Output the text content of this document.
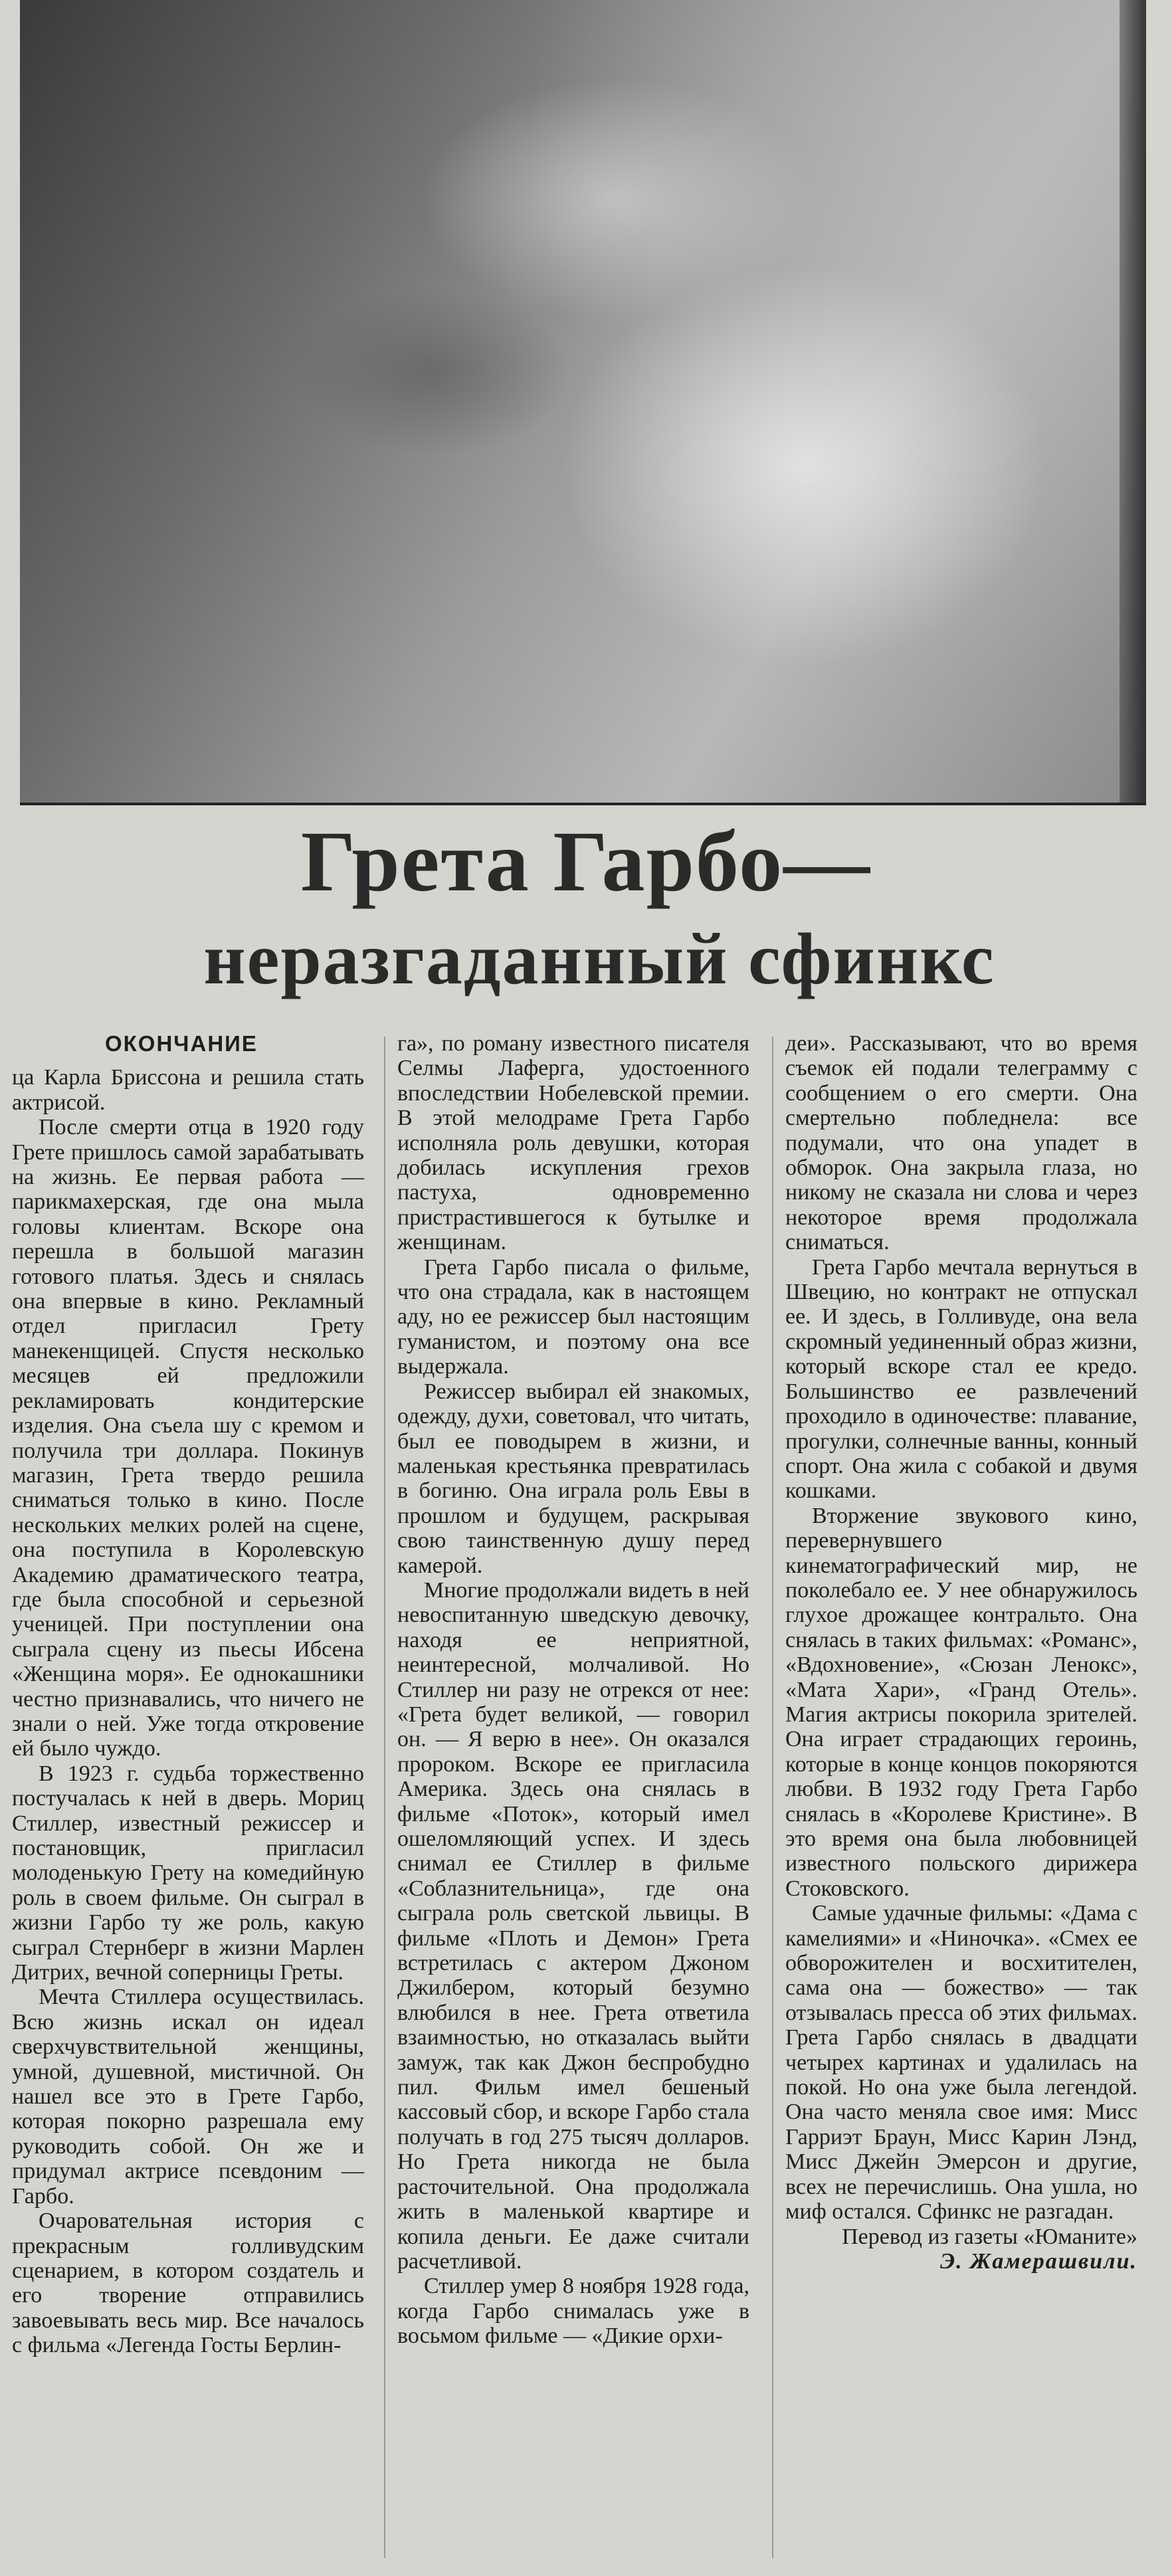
Грета Гарбо—
неразгаданный сфинкс
ОКОНЧАНИЕ

ца Карла Бриссона и решила стать актрисой.

После смерти отца в 1920 году Грете пришлось самой зарабатывать на жизнь. Ее первая работа — парикмахерская, где она мыла головы клиентам. Вскоре она перешла в большой магазин готового платья. Здесь и снялась она впервые в кино. Рекламный отдел пригласил Грету манекенщицей. Спустя несколько месяцев ей предложили рекламировать кондитерские изделия. Она съела шу с кремом и получила три доллара. Покинув магазин, Грета твердо решила сниматься только в кино. После нескольких мелких ролей на сцене, она поступила в Королевскую Академию драматического театра, где была способной и серьезной ученицей. При поступлении она сыграла сцену из пьесы Ибсена «Женщина моря». Ее однокашники честно признавались, что ничего не знали о ней. Уже тогда откровение ей было чуждо.

В 1923 г. судьба торжественно постучалась к ней в дверь. Мориц Стиллер, известный режиссер и постановщик, пригласил молоденькую Грету на комедийную роль в своем фильме. Он сыграл в жизни Гарбо ту же роль, какую сыграл Стернберг в жизни Марлен Дитрих, вечной соперницы Греты.

Мечта Стиллера осуществилась. Всю жизнь искал он идеал сверхчувствительной женщины, умной, душевной, мистичной. Он нашел все это в Грете Гарбо, которая покорно разрешала ему руководить собой. Он же и придумал актрисе псевдоним — Гарбо.

Очаровательная история с прекрасным голливудским сценарием, в котором создатель и его творение отправились завоевывать весь мир. Все началось с фильма «Легенда Госты Берлин-

га», по роману известного писателя Селмы Лаферга, удостоенного впоследствии Нобелевской премии. В этой мелодраме Грета Гарбо исполняла роль девушки, которая добилась искупления грехов пастуха, одновременно пристрастившегося к бутылке и женщинам.

Грета Гарбо писала о фильме, что она страдала, как в настоящем аду, но ее режиссер был настоящим гуманистом, и поэтому она все выдержала.

Режиссер выбирал ей знакомых, одежду, духи, советовал, что читать, был ее поводырем в жизни, и маленькая крестьянка превратилась в богиню. Она играла роль Евы в прошлом и будущем, раскрывая свою таинственную душу перед камерой.

Многие продолжали видеть в ней невоспитанную шведскую девочку, находя ее неприятной, неинтересной, молчаливой. Но Стиллер ни разу не отрекся от нее: «Грета будет великой, — говорил он. — Я верю в нее». Он оказался пророком. Вскоре ее пригласила Америка. Здесь она снялась в фильме «Поток», который имел ошеломляющий успех. И здесь снимал ее Стиллер в фильме «Соблазнительница», где она сыграла роль светской львицы. В фильме «Плоть и Демон» Грета встретилась с актером Джоном Джилбером, который безумно влюбился в нее. Грета ответила взаимностью, но отказалась выйти замуж, так как Джон беспробудно пил. Фильм имел бешеный кассовый сбор, и вскоре Гарбо стала получать в год 275 тысяч долларов. Но Грета никогда не была расточительной. Она продолжала жить в маленькой квартире и копила деньги. Ее даже считали расчетливой.

Стиллер умер 8 ноября 1928 года, когда Гарбо снималась уже в восьмом фильме — «Дикие орхи-

деи». Рассказывают, что во время съемок ей подали телеграмму с сообщением о его смерти. Она смертельно побледнела: все подумали, что она упадет в обморок. Она закрыла глаза, но никому не сказала ни слова и через некоторое время продолжала сниматься.

Грета Гарбо мечтала вернуться в Швецию, но контракт не отпускал ее. И здесь, в Голливуде, она вела скромный уединенный образ жизни, который вскоре стал ее кредо. Большинство ее развлечений проходило в одиночестве: плавание, прогулки, солнечные ванны, конный спорт. Она жила с собакой и двумя кошками.

Вторжение звукового кино, перевернувшего кинематографический мир, не поколебало ее. У нее обнаружилось глухое дрожащее контральто. Она снялась в таких фильмах: «Романс», «Вдохновение», «Сюзан Ленокс», «Мата Хари», «Гранд Отель». Магия актрисы покорила зрителей. Она играет страдающих героинь, которые в конце концов покоряются любви. В 1932 году Грета Гарбо снялась в «Королеве Кристине». В это время она была любовницей известного польского дирижера Стоковского.

Самые удачные фильмы: «Дама с камелиями» и «Ниночка». «Смех ее обворожителен и восхитителен, сама она — божество» — так отзывалась пресса об этих фильмах. Грета Гарбо снялась в двадцати четырех картинах и удалилась на покой. Но она уже была легендой. Она часто меняла свое имя: Мисс Гарриэт Браун, Мисс Карин Лэнд, Мисс Джейн Эмерсон и другие, всех не перечислишь. Она ушла, но миф остался. Сфинкс не разгадан.

Перевод из газеты «Юманите»

Э. Жамерашвили.
